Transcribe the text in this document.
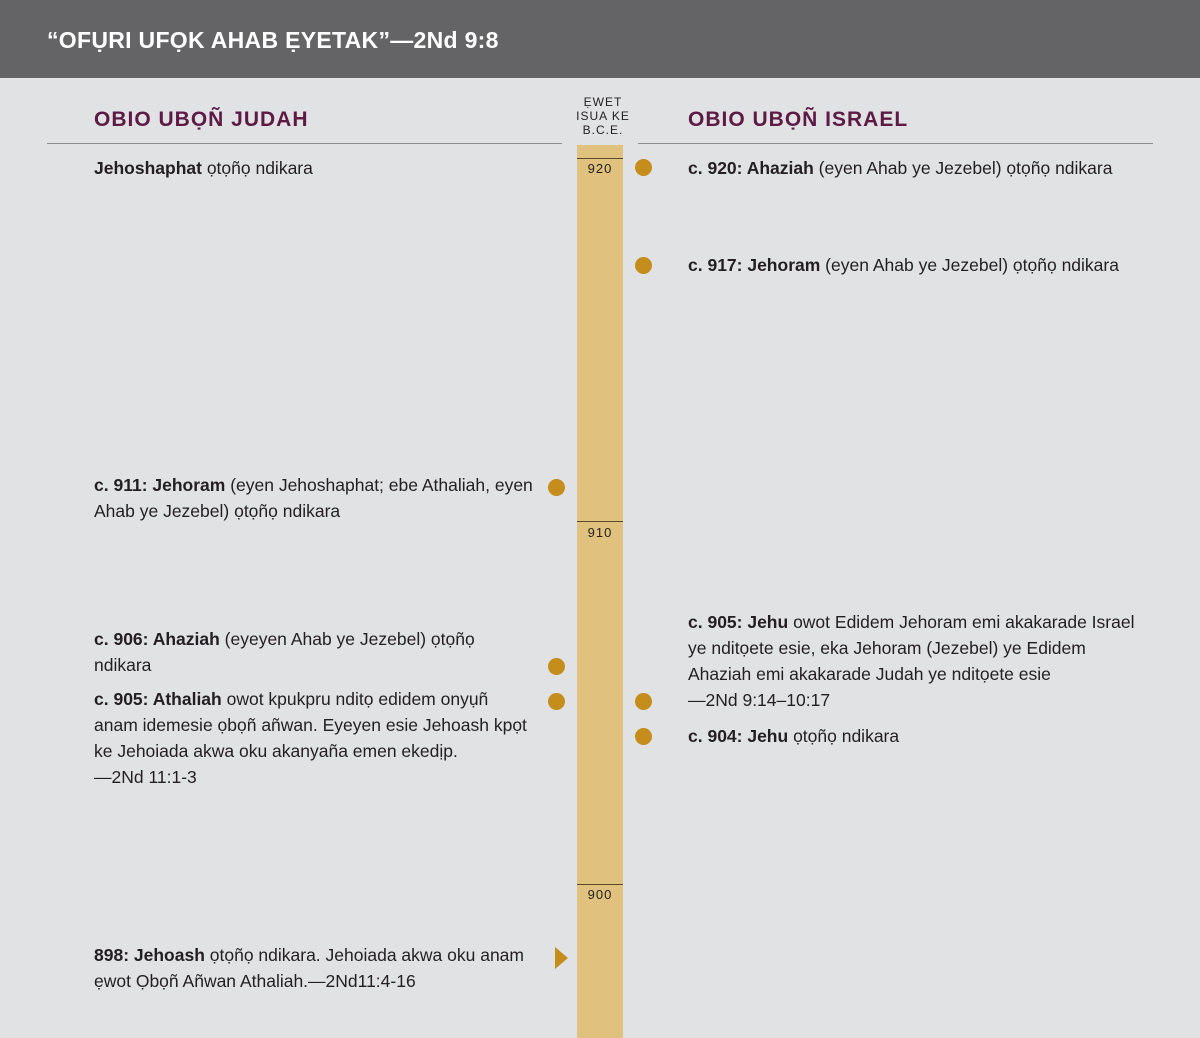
“OFỤRI UFỌK AHAB ẸYETAK”—2Nd 9:8
OBIO UBỌÑ JUDAH	OBIO UBỌÑ ISRAEL
ẸWET
ISUA KE
B.C.E.
920
910
900
Jehoshaphat ọtọñọ ndikara
c. 911: Jehoram (eyen Jehoshaphat; ebe Athaliah, eyen Ahab ye Jezebel) ọtọñọ ndikara
c. 906: Ahaziah (eyeyen Ahab ye Jezebel) ọtọñọ ndikara
c. 905: Athaliah owot kpukpru nditọ edidem onyụñ anam idemesie ọbọñ añwan. Eyeyen esie Jehoash kpọt ke Jehoiada akwa oku akanyaña emen ekedịp.
—2Nd 11:1-3
898: Jehoash ọtọñọ ndikara. Jehoiada akwa oku anam ẹwot Ọbọñ Añwan Athaliah.—2Nd11:4-16
c. 920: Ahaziah (eyen Ahab ye Jezebel) ọtọñọ ndikara
c. 917: Jehoram (eyen Ahab ye Jezebel) ọtọñọ ndikara
c. 905: Jehu owot Edidem Jehoram emi akakarade Israel ye nditọete esie, eka Jehoram (Jezebel) ye Edidem Ahaziah emi akakarade Judah ye nditọete esie
—2Nd 9:14–10:17
c. 904: Jehu ọtọñọ ndikara
